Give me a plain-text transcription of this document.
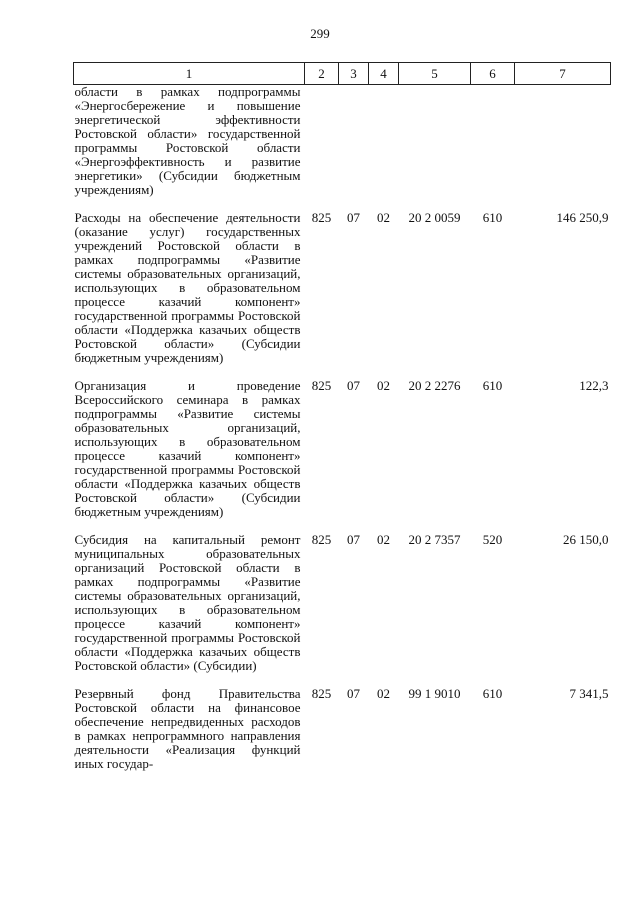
299
1	2	3	4	5	6	7
области в рамках подпрограммы «Энергосбережение и повышение энергетической эффективности Ростовской области» государственной программы Ростовской области «Энергоэффективность и развитие энергетики» (Субсидии бюджетным учреждениям)						
Расходы на обеспечение деятельности (оказание услуг) государственных учреждений Ростовской области в рамках подпрограммы «Развитие системы образовательных организаций, использующих в образовательном процессе казачий компонент» государственной программы Ростовской области «Поддержка казачьих обществ Ростовской области» (Субсидии бюджетным учреждениям)	825	07	02	20 2 0059	610	146 250,9
Организация и проведение Всероссийского семинара в рамках подпрограммы «Развитие системы образовательных организаций, использующих в образовательном процессе казачий компонент» государственной программы Ростовской области «Поддержка казачьих обществ Ростовской области» (Субсидии бюджетным учреждениям)	825	07	02	20 2 2276	610	122,3
Субсидия на капитальный ремонт муниципальных образовательных организаций Ростовской области в рамках подпрограммы «Развитие системы образовательных организаций, использующих в образовательном процессе казачий компонент» государственной программы Ростовской области «Поддержка казачьих обществ Ростовской области» (Субсидии)	825	07	02	20 2 7357	520	26 150,0
Резервный фонд Правительства Ростовской области на финансовое обеспечение непредвиденных расходов в рамках непрограммного направления деятельности «Реализация функций иных государ-	825	07	02	99 1 9010	610	7 341,5
